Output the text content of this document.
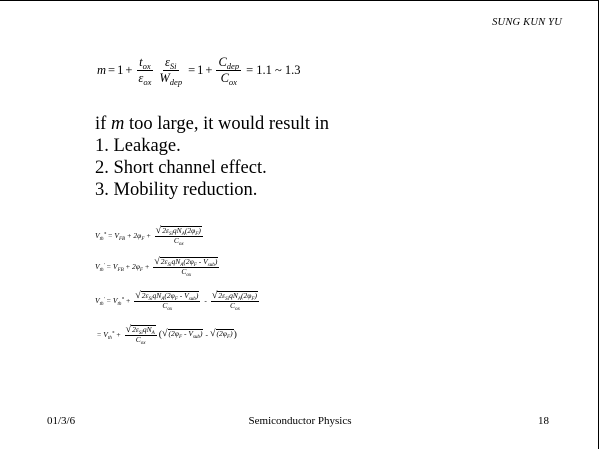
SUNG KUN YU
$m = 1 + \frac{t_{ox}}{\varepsilon_{ox}} \frac{\varepsilon_{Si}}{W_{dep}} = 1 + \frac{C_{dep}}{C_{ox}} = 1.1$ ~ 1.3
if m too large, it would result in
1. Leakage.
2. Short channel effect.
3. Mobility reduction.
$V_{th}^* = V_{FB} + 2\varphi_F + \frac{√ 2\varepsilon_{Si}qN_A(2\varphi_F)}{C_{ox}}$
$V_{th}' = V_{FB} + 2\varphi_F + \frac{√ 2\varepsilon_{Si}qN_A(2\varphi_F - V_{sub})}{C_{ox}}$
$V_{th}' = V_{th}^* + \frac{√ 2\varepsilon_{Si}qN_A(2\varphi_F - V_{sub})}{C_{ox}} - \frac{√ 2\varepsilon_{Si}qN_A(2\varphi_F)}{C_{ox}}$
= $V_{th}^* + \frac{√ 2\varepsilon_{Si}qN_A}{C_{ox}}$ ( √ $(2\varphi_F - V_{sub})$ - √ $(2\varphi_F)$ )
01/3/6	Semiconductor Physics	18
